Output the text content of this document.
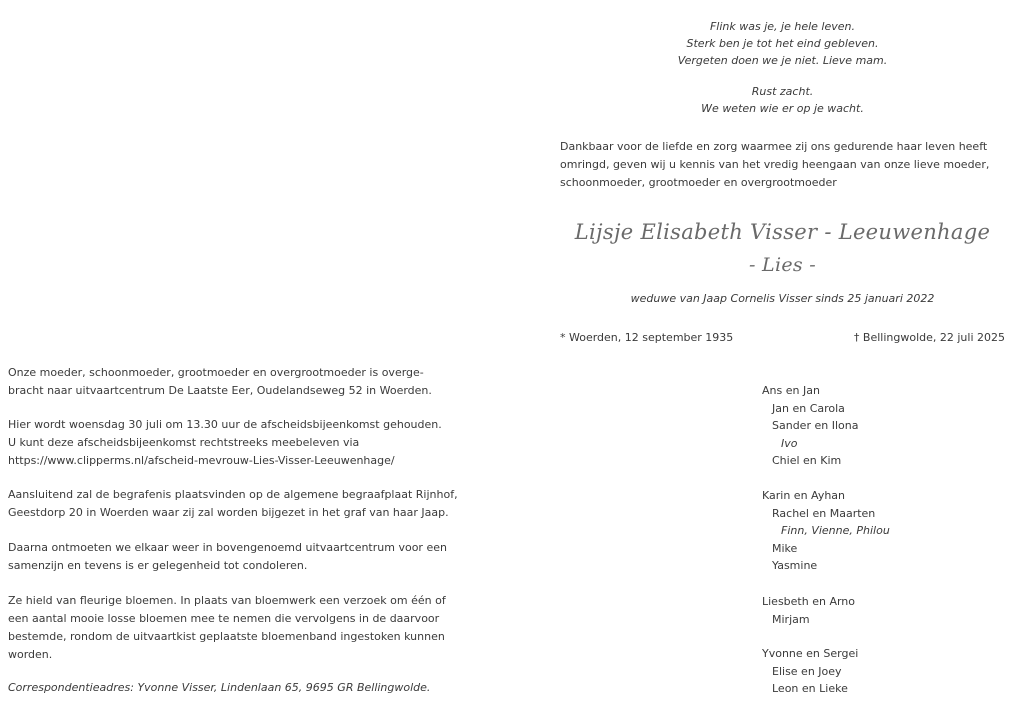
Flink was je, je hele leven.
Sterk ben je tot het eind gebleven.
Vergeten doen we je niet. Lieve mam.
Rust zacht.
We weten wie er op je wacht.
Dankbaar voor de liefde en zorg waarmee zij ons gedurende haar leven heeft
omringd, geven wij u kennis van het vredig heengaan van onze lieve moeder,
schoonmoeder, grootmoeder en overgrootmoeder
Lijsje Elisabeth Visser - Leeuwenhage
- Lies -
weduwe van Jaap Cornelis Visser sinds 25 januari 2022
* Woerden, 12 september 1935	† Bellingwolde, 22 juli 2025
Onze moeder, schoonmoeder, grootmoeder en overgrootmoeder is overge-
bracht naar uitvaartcentrum De Laatste Eer, Oudelandseweg 52 in Woerden.
Hier wordt woensdag 30 juli om 13.30 uur de afscheidsbijeenkomst gehouden.
U kunt deze afscheidsbijeenkomst rechtstreeks meebeleven via
https://www.clipperms.nl/afscheid-mevrouw-Lies-Visser-Leeuwenhage/
Aansluitend zal de begrafenis plaatsvinden op de algemene begraafplaat Rijnhof,
Geestdorp 20 in Woerden waar zij zal worden bijgezet in het graf van haar Jaap.
Daarna ontmoeten we elkaar weer in bovengenoemd uitvaartcentrum voor een
samenzijn en tevens is er gelegenheid tot condoleren.
Ze hield van fleurige bloemen. In plaats van bloemwerk een verzoek om één of
een aantal mooie losse bloemen mee te nemen die vervolgens in de daarvoor
bestemde, rondom de uitvaartkist geplaatste bloemenband ingestoken kunnen
worden.
Correspondentieadres: Yvonne Visser, Lindenlaan 65, 9695 GR Bellingwolde.
Ans en Jan
Jan en Carola
Sander en Ilona
Ivo
Chiel en Kim
Karin en Ayhan
Rachel en Maarten
Finn, Vienne, Philou
Mike
Yasmine
Liesbeth en Arno
Mirjam
Yvonne en Sergei
Elise en Joey
Leon en Lieke
